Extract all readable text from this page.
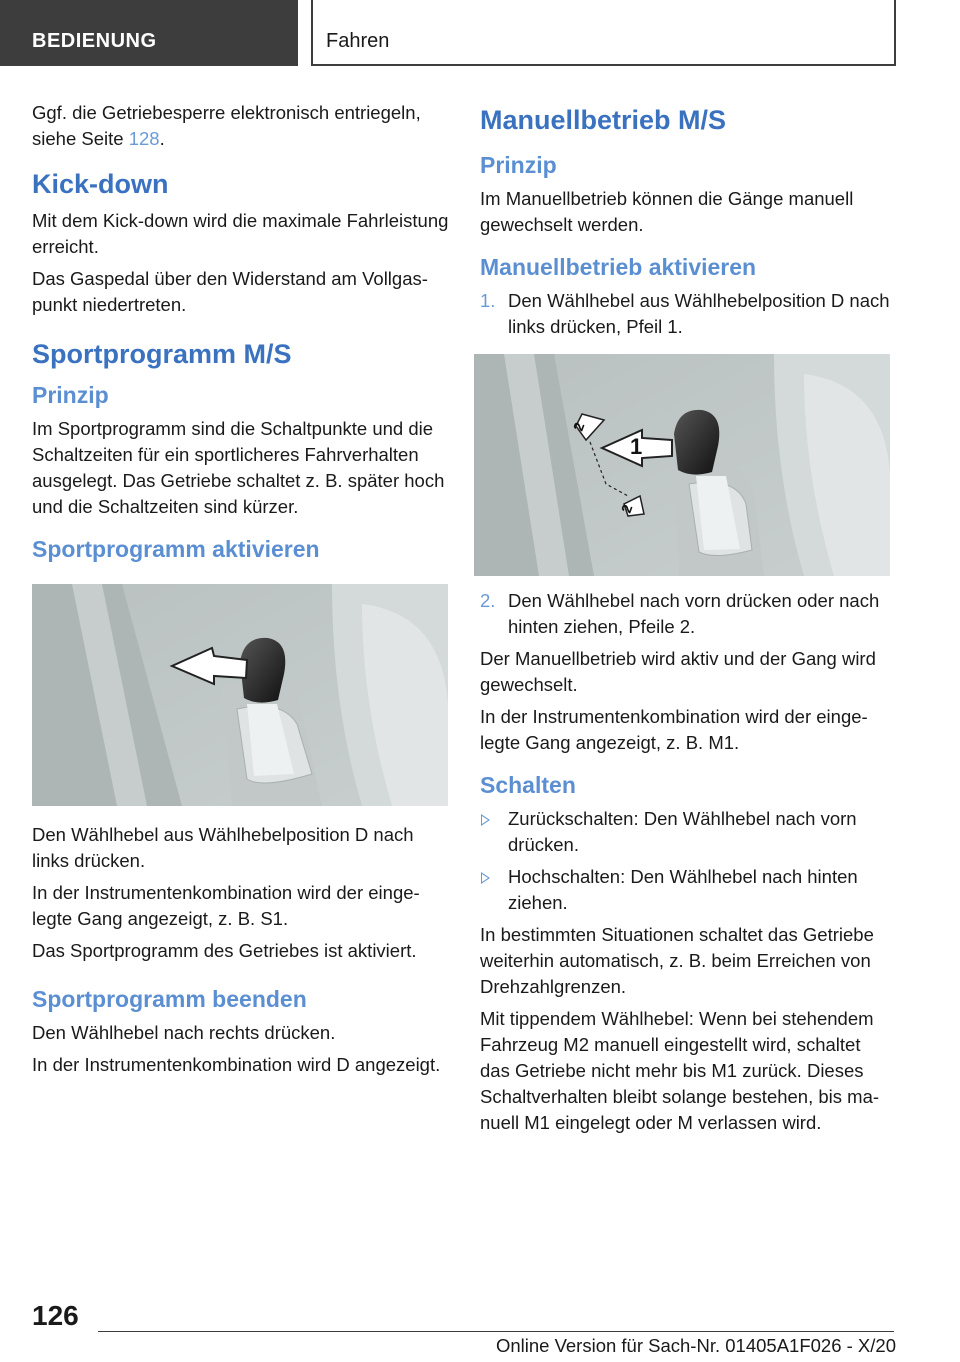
BEDIENUNG	Fahren

Ggf. die Getriebesperre elektronisch entriegeln, siehe Seite 128.

Kick-down

Mit dem Kick-down wird die maximale Fahrleistung erreicht.

Das Gaspedal über den Widerstand am Vollgaspunkt niedertreten.

Sportprogramm M/S
Prinzip

Im Sportprogramm sind die Schaltpunkte und die Schaltzeiten für ein sportlicheres Fahrverhalten ausgelegt. Das Getriebe schaltet z. B. später hoch und die Schaltzeiten sind kürzer.

Sportprogramm aktivieren

Den Wählhebel aus Wählhebelposition D nach links drücken.

In der Instrumentenkombination wird der eingelegte Gang angezeigt, z. B. S1.

Das Sportprogramm des Getriebes ist aktiviert.

Sportprogramm beenden

Den Wählhebel nach rechts drücken.

In der Instrumentenkombination wird D angezeigt.

Manuellbetrieb M/S
Prinzip

Im Manuellbetrieb können die Gänge manuell gewechselt werden.

Manuellbetrieb aktivieren
1. Den Wählhebel aus Wählhebelposition D nach links drücken, Pfeil 1.
1
2
2
2. Den Wählhebel nach vorn drücken oder nach hinten ziehen, Pfeile 2.

Der Manuellbetrieb wird aktiv und der Gang wird gewechselt.

In der Instrumentenkombination wird der eingelegte Gang angezeigt, z. B. M1.

Schalten
Zurückschalten: Den Wählhebel nach vorn drücken.
Hochschalten: Den Wählhebel nach hinten ziehen.

In bestimmten Situationen schaltet das Getriebe weiterhin automatisch, z. B. beim Erreichen von Drehzahlgrenzen.

Mit tippendem Wählhebel: Wenn bei stehendem Fahrzeug M2 manuell eingestellt wird, schaltet das Getriebe nicht mehr bis M1 zurück. Dieses Schaltverhalten bleibt solange bestehen, bis manuell M1 eingelegt oder M verlassen wird.

126
Online Version für Sach-Nr. 01405A1F026 - X/20
